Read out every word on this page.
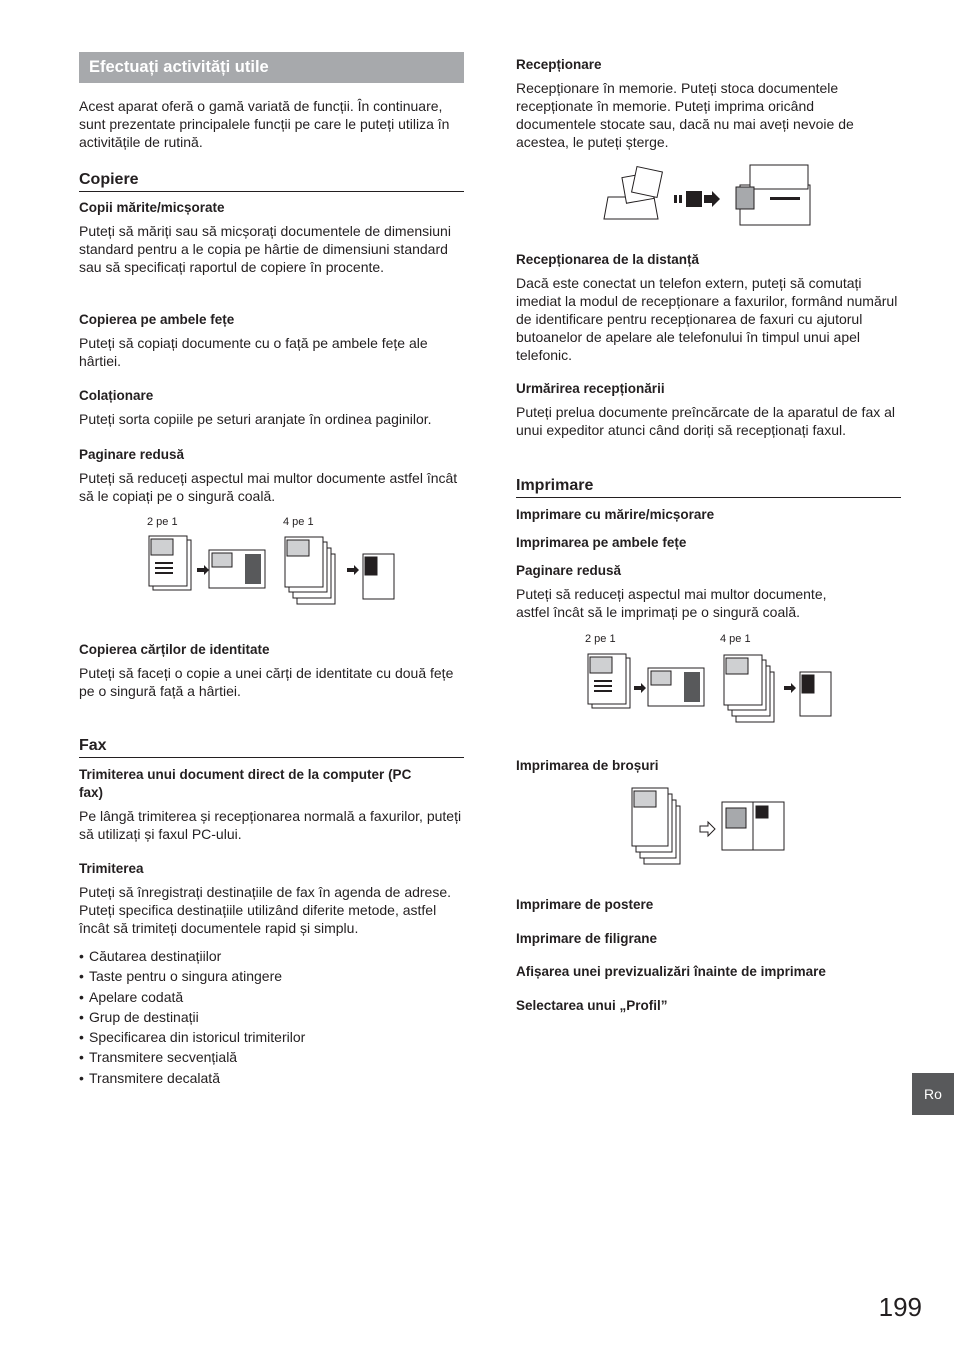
Efectuați activități utile
Acest aparat oferă o gamă variată de funcții. În continuare, sunt prezentate principalele funcții pe care le puteți utiliza în activitățile de rutină.
Copiere
Copii mărite/micșorate
Puteți să măriți sau să micșorați documentele de dimensiuni standard pentru a le copia pe hârtie de dimensiuni standard sau să specificați raportul de copiere în procente.
Copierea pe ambele fețe
Puteți să copiați documente cu o față pe ambele fețe ale hârtiei.
Colaționare
Puteți sorta copiile pe seturi aranjate în ordinea paginilor.
Paginare redusă
Puteți să reduceți aspectul mai multor documente astfel încât să le copiați pe o singură coală.
2 pe 1	4 pe 1
Copierea cărților de identitate
Puteți să faceți o copie a unei cărți de identitate cu două fețe pe o singură față a hârtiei.
Fax
Trimiterea unui document direct de la computer (PC fax)
Pe lângă trimiterea și recepționarea normală a faxurilor, puteți să utilizați și faxul PC-ului.
Trimiterea
Puteți să înregistrați destinațiile de fax în agenda de adrese. Puteți specifica destinațiile utilizând diferite metode, astfel încât să trimiteți documentele rapid și simplu.
• Căutarea destinațiilor
• Taste pentru o singura atingere
• Apelare codată
• Grup de destinații
• Specificarea din istoricul trimiterilor
• Transmitere secvențială
• Transmitere decalată
Recepționare
Recepționare în memorie. Puteți stoca documentele recepționate în memorie. Puteți imprima oricând documentele stocate sau, dacă nu mai aveți nevoie de acestea, le puteți șterge.
Recepționarea de la distanță
Dacă este conectat un telefon extern, puteți să comutați imediat la modul de recepționare a faxurilor, formând numărul de identificare pentru recepționarea de faxuri cu ajutorul butoanelor de apelare ale telefonului în timpul unui apel telefonic.
Urmărirea recepționării
Puteți prelua documente preîncărcate de la aparatul de fax al unui expeditor atunci când doriți să recepționați faxul.
Imprimare
Imprimare cu mărire/micșorare
Imprimarea pe ambele fețe
Paginare redusă
Puteți să reduceți aspectul mai multor documente, astfel încât să le imprimați pe o singură coală.
2 pe 1	4 pe 1
Imprimarea de broșuri
Imprimare de postere
Imprimare de filigrane
Afișarea unei previzualizări înainte de imprimare
Selectarea unui „Profil”
Ro
199
